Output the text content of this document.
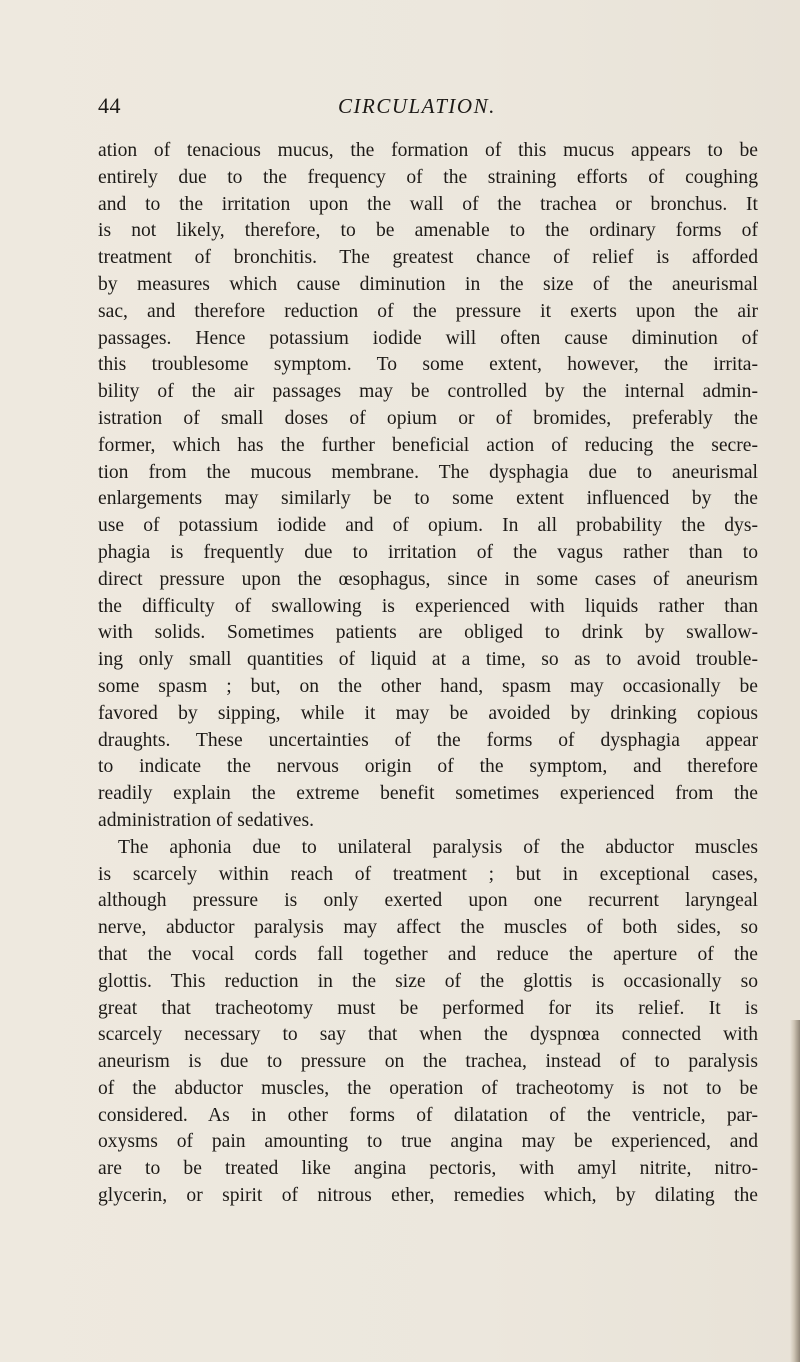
44	CIRCULATION.
ation of tenacious mucus, the formation of this mucus appears to be
entirely due to the frequency of the straining efforts of coughing
and to the irritation upon the wall of the trachea or bronchus. It
is not likely, therefore, to be amenable to the ordinary forms of
treatment of bronchitis. The greatest chance of relief is afforded
by measures which cause diminution in the size of the aneurismal
sac, and therefore reduction of the pressure it exerts upon the air
passages. Hence potassium iodide will often cause diminution of
this troublesome symptom. To some extent, however, the irrita-
bility of the air passages may be controlled by the internal admin-
istration of small doses of opium or of bromides, preferably the
former, which has the further beneficial action of reducing the secre-
tion from the mucous membrane. The dysphagia due to aneurismal
enlargements may similarly be to some extent influenced by the
use of potassium iodide and of opium. In all probability the dys-
phagia is frequently due to irritation of the vagus rather than to
direct pressure upon the œsophagus, since in some cases of aneurism
the difficulty of swallowing is experienced with liquids rather than
with solids. Sometimes patients are obliged to drink by swallow-
ing only small quantities of liquid at a time, so as to avoid trouble-
some spasm ; but, on the other hand, spasm may occasionally be
favored by sipping, while it may be avoided by drinking copious
draughts. These uncertainties of the forms of dysphagia appear
to indicate the nervous origin of the symptom, and therefore
readily explain the extreme benefit sometimes experienced from the
administration of sedatives.
The aphonia due to unilateral paralysis of the abductor muscles
is scarcely within reach of treatment ; but in exceptional cases,
although pressure is only exerted upon one recurrent laryngeal
nerve, abductor paralysis may affect the muscles of both sides, so
that the vocal cords fall together and reduce the aperture of the
glottis. This reduction in the size of the glottis is occasionally so
great that tracheotomy must be performed for its relief. It is
scarcely necessary to say that when the dyspnœa connected with
aneurism is due to pressure on the trachea, instead of to paralysis
of the abductor muscles, the operation of tracheotomy is not to be
considered. As in other forms of dilatation of the ventricle, par-
oxysms of pain amounting to true angina may be experienced, and
are to be treated like angina pectoris, with amyl nitrite, nitro-
glycerin, or spirit of nitrous ether, remedies which, by dilating the
